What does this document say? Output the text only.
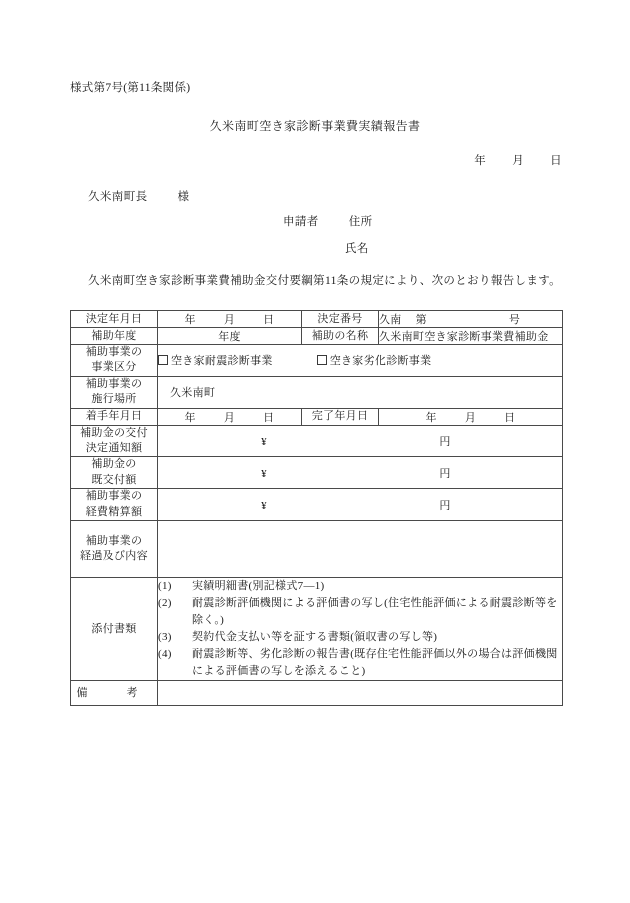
様式第7号(第11条関係)
久米南町空き家診断事業費実績報告書
年 月 日
久米南町長	様
申請者	住所
氏名
久米南町空き家診断事業費補助金交付要綱第11条の規定により、次のとおり報告します。
決定年月日	年 月 日	決定番号	久南 第 号
補助年度	年度	補助の名称	久米南町空き家診断事業費補助金
補助事業の
事業区分	空き家耐震診断事業 空き家劣化診断事業		
補助事業の
施行場所	久米南町		
着手年月日	年 月 日	完了年月日	年 月 日
補助金の交付
決定通知額	¥ 円		
補助金の
既交付額	¥ 円		
補助事業の
経費精算額	¥ 円		
補助事業の
経過及び内容			
添付書類	
(1)	実績明細書(別記様式7—1)
(2)	耐震診断評価機関による評価書の写し(住宅性能評価による耐震診断等を除く。)
(3)	契約代金支払い等を証する書類(領収書の写し等)
(4)	耐震診断等、劣化診断の報告書(既存住宅性能評価以外の場合は評価機関による評価書の写しを添えること)

備　考			
